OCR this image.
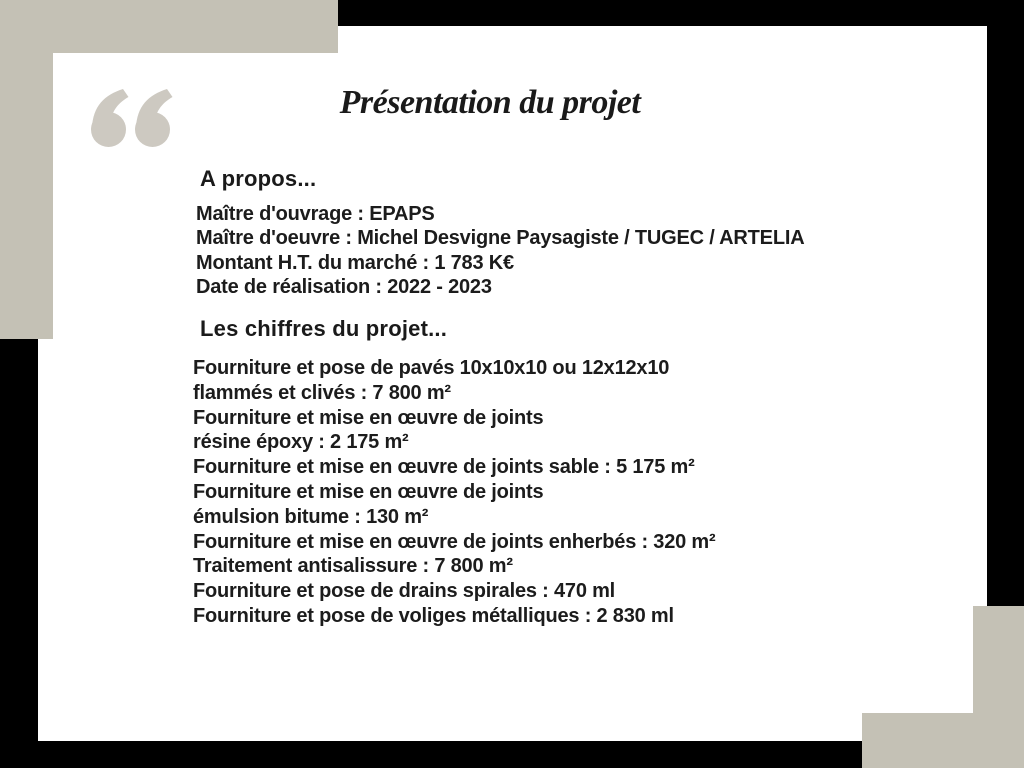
Présentation du projet
A propos...
Maître d'ouvrage : EPAPS
Maître d'oeuvre : Michel Desvigne Paysagiste / TUGEC / ARTELIA
Montant H.T. du marché : 1 783 K€
Date de réalisation : 2022 - 2023
Les chiffres du projet...
Fourniture et pose de pavés 10x10x10 ou 12x12x10
flammés et clivés : 7 800 m²
Fourniture et mise en œuvre de joints
résine époxy : 2 175 m²
Fourniture et mise en œuvre de joints sable : 5 175 m²
Fourniture et mise en œuvre de joints
émulsion bitume : 130 m²
Fourniture et mise en œuvre de joints enherbés : 320 m²
Traitement antisalissure : 7 800 m²
Fourniture et pose de drains spirales : 470 ml
Fourniture et pose de voliges métalliques : 2 830 ml
